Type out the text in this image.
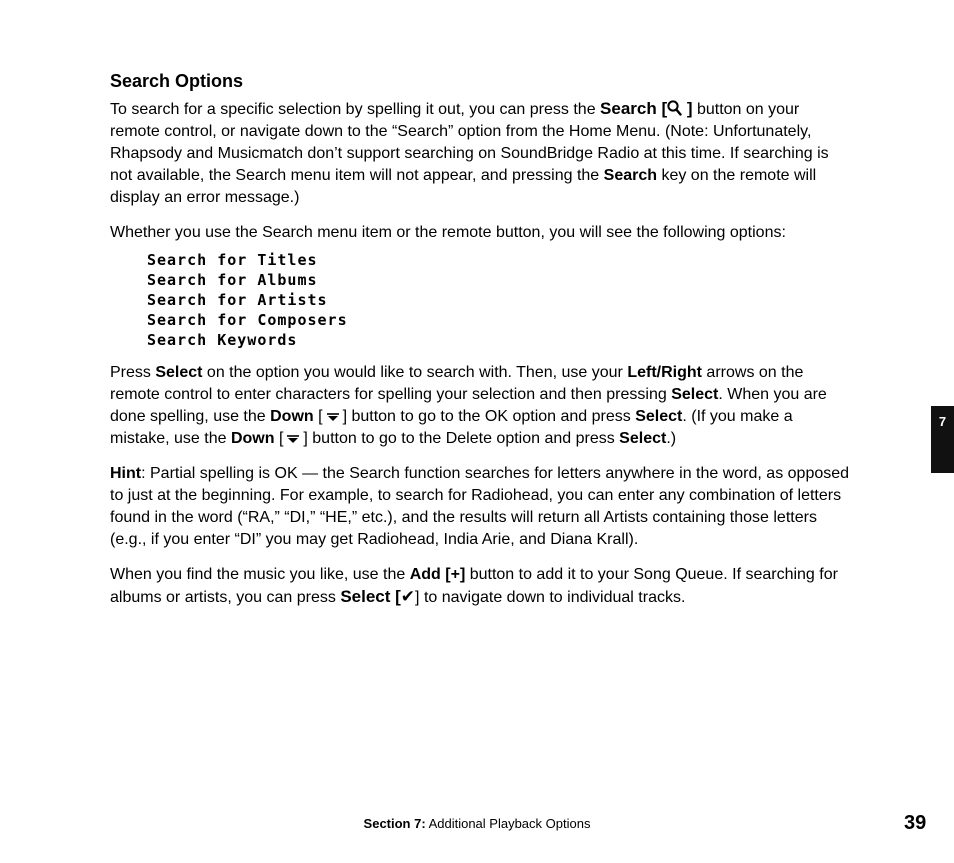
Search Options

To search for a specific selection by spelling it out, you can press the Search [ ] button on your remote control, or navigate down to the “Search” option from the Home Menu. (Note: Unfortunately, Rhapsody and Musicmatch don’t support searching on SoundBridge Radio at this time. If searching is not available, the Search menu item will not appear, and pressing the Search key on the remote will display an error message.)

Whether you use the Search menu item or the remote button, you will see the following options:

Search for Titles
Search for Albums
Search for Artists
Search for Composers
Search Keywords

Press Select on the option you would like to search with. Then, use your Left/Right arrows on the remote control to enter characters for spelling your selection and then pressing Select. When you are done spelling, use the Down [ ] button to go to the OK option and press Select. (If you make a mistake, use the Down [ ] button to go to the Delete option and press Select.)

Hint: Partial spelling is OK — the Search function searches for letters anywhere in the word, as opposed to just at the beginning. For example, to search for Radiohead, you can enter any combination of letters found in the word (“RA,” “DI,” “HE,” etc.), and the results will return all Artists containing those letters (e.g., if you enter “DI” you may get Radiohead, India Arie, and Diana Krall).

When you find the music you like, use the Add [+] button to add it to your Song Queue. If searching for albums or artists, you can press Select [✔] to navigate down to individual tracks.

7
Section 7: Additional Playback Options	39
